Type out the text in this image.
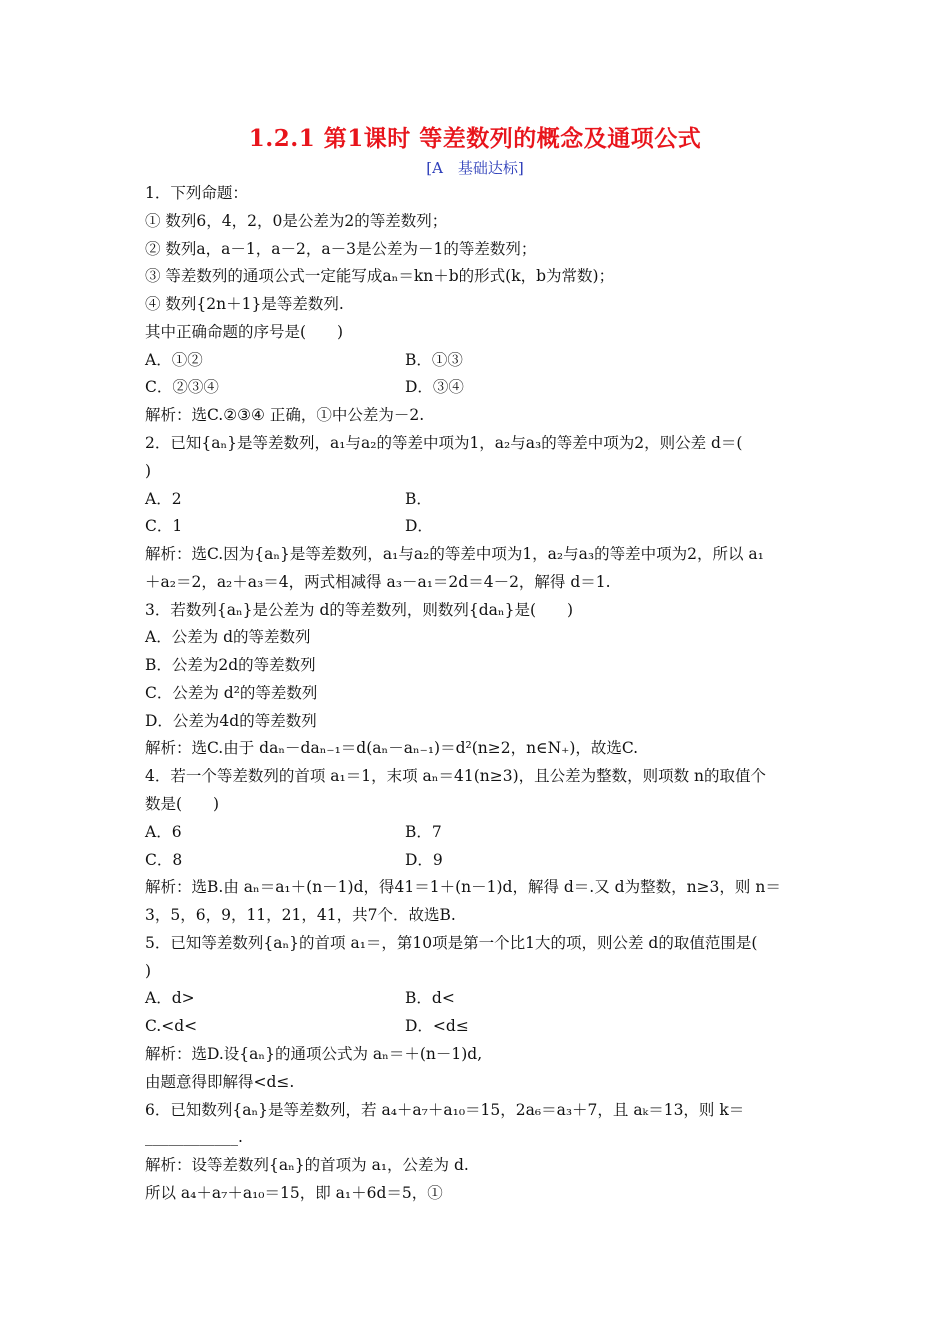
1.2.1 第1课时 等差数列的概念及通项公式
[A　基础达标]
1．下列命题：
① 数列6，4，2，0是公差为2的等差数列；
② 数列a，a－1，a－2，a－3是公差为－1的等差数列；
③ 等差数列的通项公式一定能写成aₙ＝kn＋b的形式(k，b为常数)；
④ 数列{2n＋1}是等差数列.
其中正确命题的序号是(　　)
A．①②	B．①③
C．②③④	D．③④
解析：选C.②③④ 正确，①中公差为－2.
2．已知{aₙ}是等差数列，a₁与a₂的等差中项为1，a₂与a₃的等差中项为2，则公差 d＝(
)
A．2	B．
C．1	D．
解析：选C.因为{aₙ}是等差数列，a₁与a₂的等差中项为1，a₂与a₃的等差中项为2，所以 a₁
＋a₂＝2，a₂＋a₃＝4，两式相减得 a₃－a₁＝2d＝4－2，解得 d＝1.
3．若数列{aₙ}是公差为 d的等差数列，则数列{daₙ}是(　　)
A．公差为 d的等差数列
B．公差为2d的等差数列
C．公差为 d²的等差数列
D．公差为4d的等差数列
解析：选C.由于 daₙ－daₙ₋₁＝d(aₙ－aₙ₋₁)＝d²(n≥2，n∈N₊)，故选C.
4．若一个等差数列的首项 a₁＝1，末项 aₙ＝41(n≥3)，且公差为整数，则项数 n的取值个
数是(　　)
A．6	B．7
C．8	D．9
解析：选B.由 aₙ＝a₁＋(n－1)d，得41＝1＋(n－1)d，解得 d＝.又 d为整数，n≥3，则 n＝
3，5，6，9，11，21，41，共7个．故选B.
5．已知等差数列{aₙ}的首项 a₁＝，第10项是第一个比1大的项，则公差 d的取值范围是(
)
A．d>	B．d<
C.<d<	D．<d≤
解析：选D.设{aₙ}的通项公式为 aₙ＝＋(n－1)d,
由题意得即解得<d≤.
6．已知数列{aₙ}是等差数列，若 a₄＋a₇＋a₁₀＝15，2a₆＝a₃＋7，且 aₖ＝13，则 k＝
____________.
解析：设等差数列{aₙ}的首项为 a₁，公差为 d.
所以 a₄＋a₇＋a₁₀＝15，即 a₁＋6d＝5，①
